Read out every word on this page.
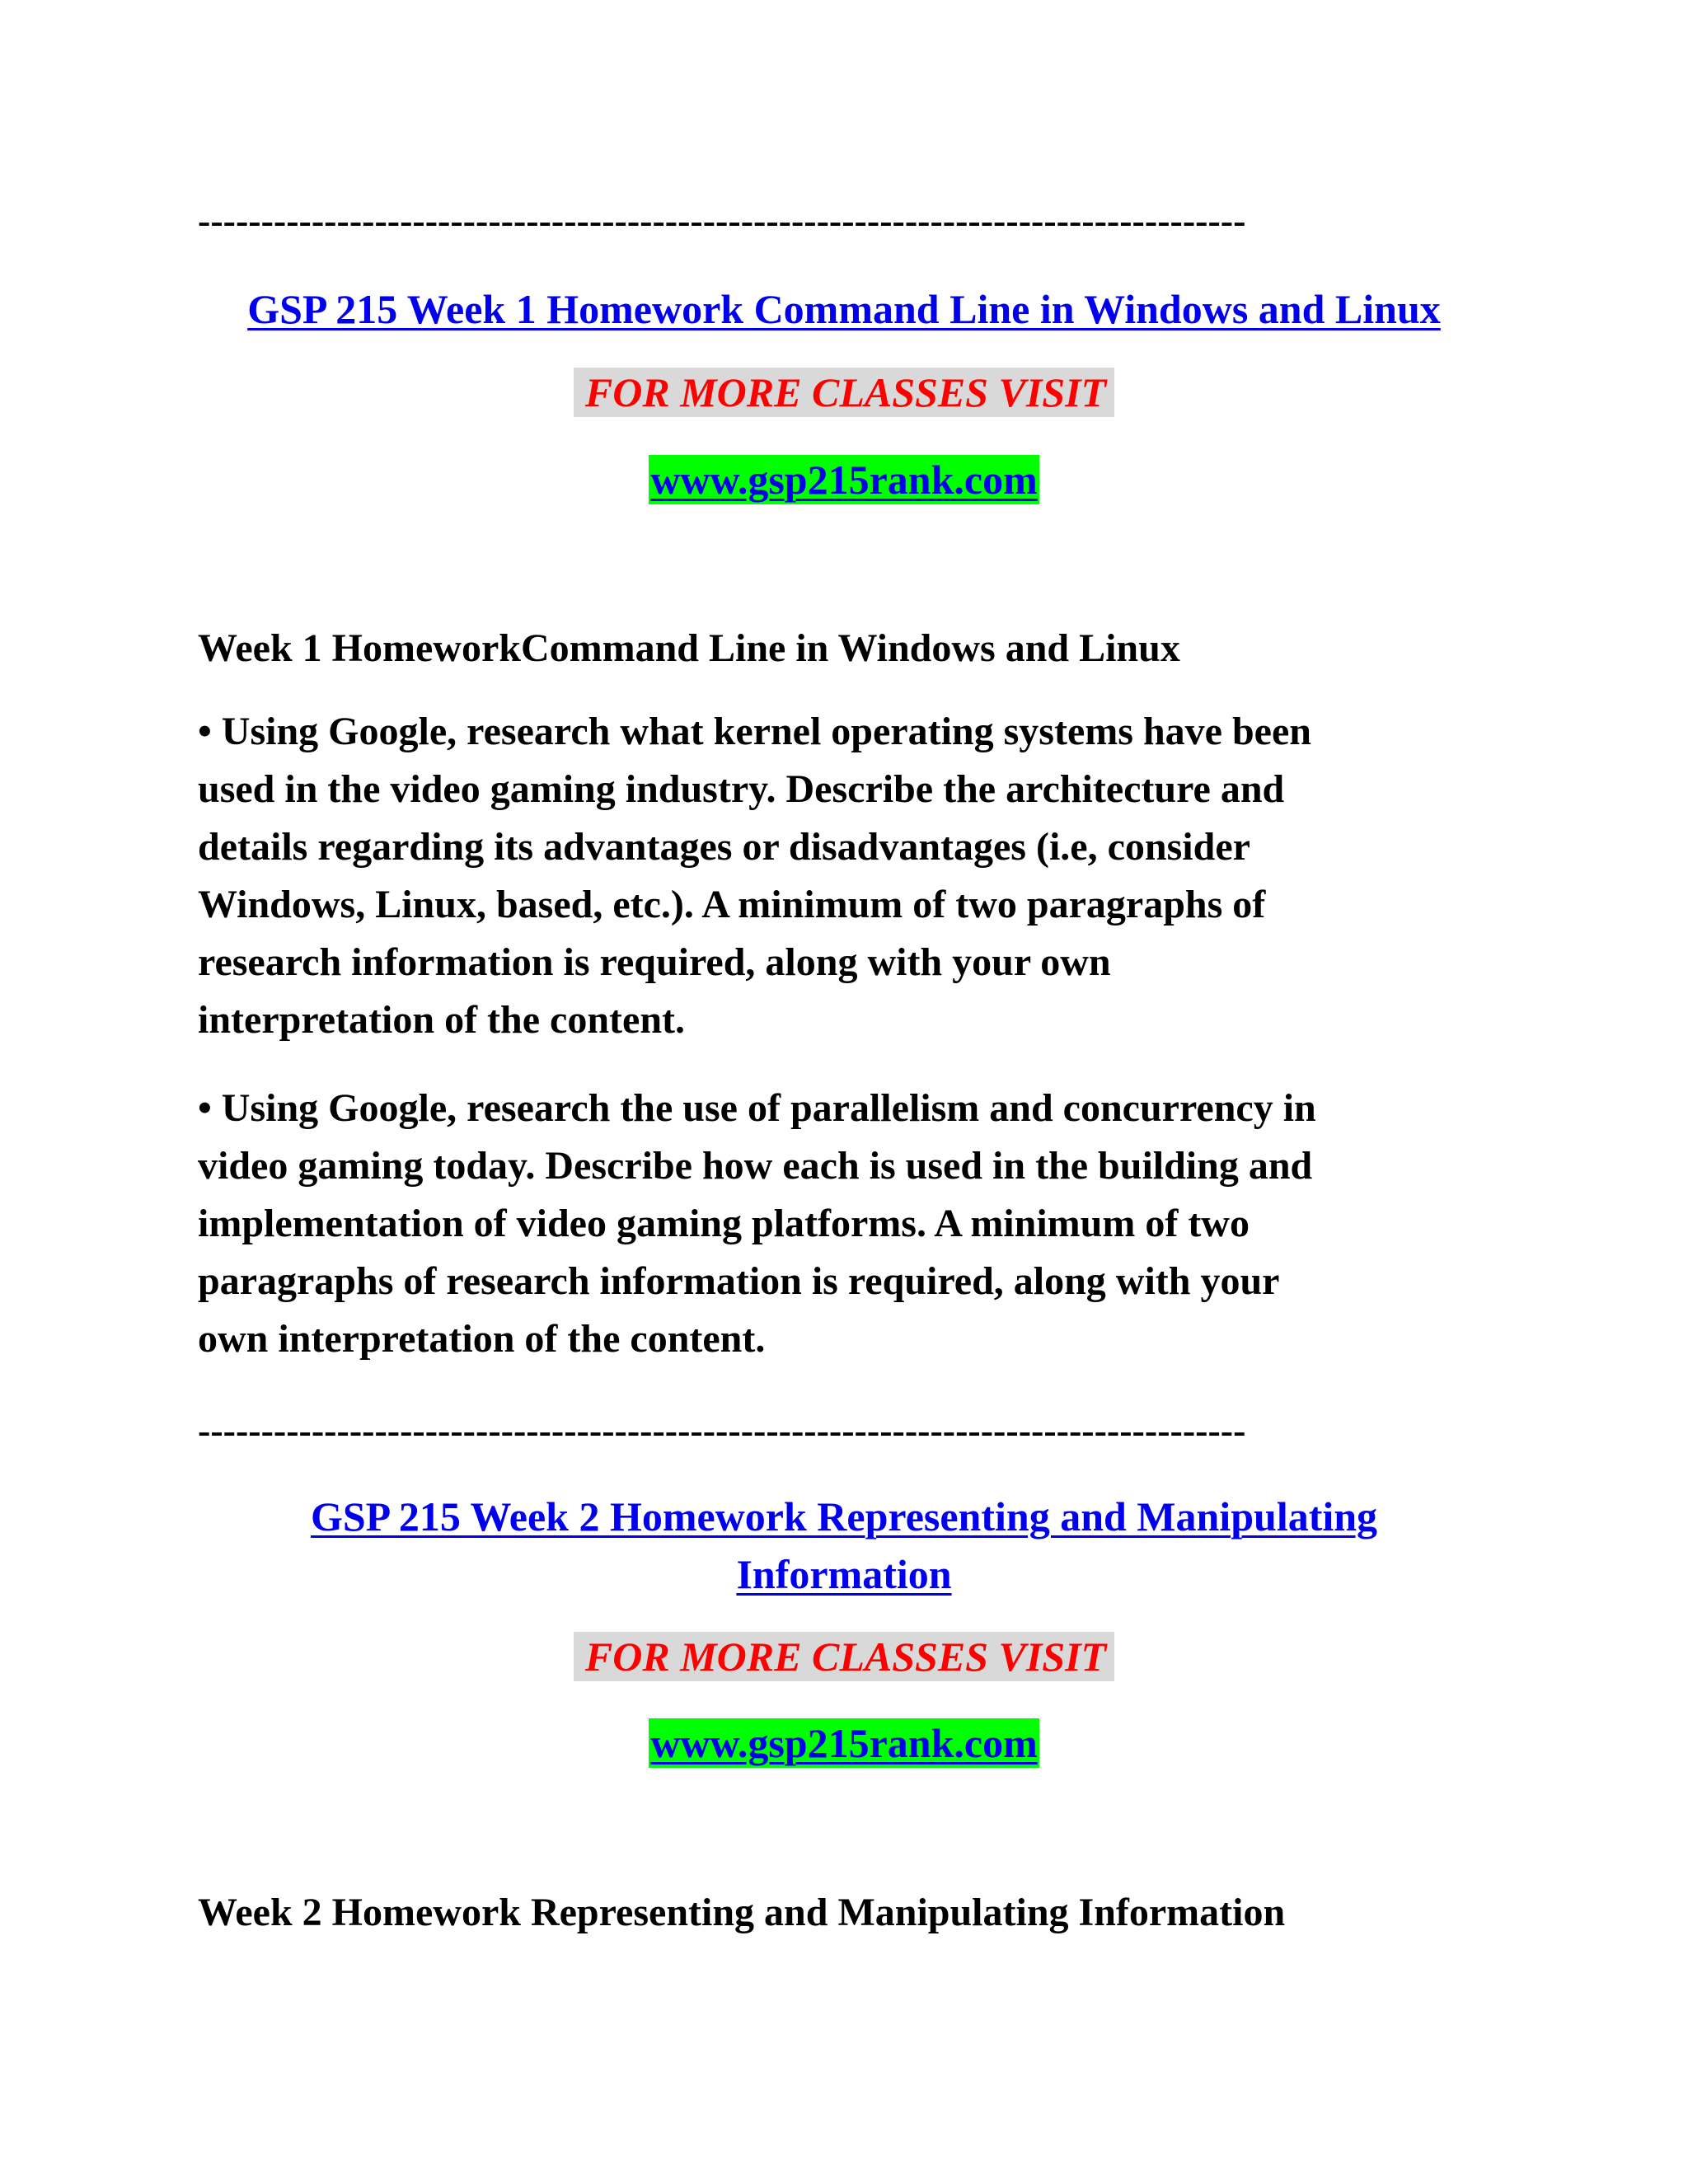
-----------------------------------------------------------------------------------
GSP 215 Week 1 Homework Command Line in Windows and Linux
FOR MORE CLASSES VISIT
www.gsp215rank.com
Week 1 HomeworkCommand Line in Windows and Linux
• Using Google, research what kernel operating systems have been
used in the video gaming industry. Describe the architecture and
details regarding its advantages or disadvantages (i.e, consider
Windows, Linux, based, etc.). A minimum of two paragraphs of
research information is required, along with your own
interpretation of the content.
• Using Google, research the use of parallelism and concurrency in
video gaming today. Describe how each is used in the building and
implementation of video gaming platforms. A minimum of two
paragraphs of research information is required, along with your
own interpretation of the content.
-----------------------------------------------------------------------------------
GSP 215 Week 2 Homework Representing and Manipulating
Information
FOR MORE CLASSES VISIT
www.gsp215rank.com
Week 2 Homework Representing and Manipulating Information
